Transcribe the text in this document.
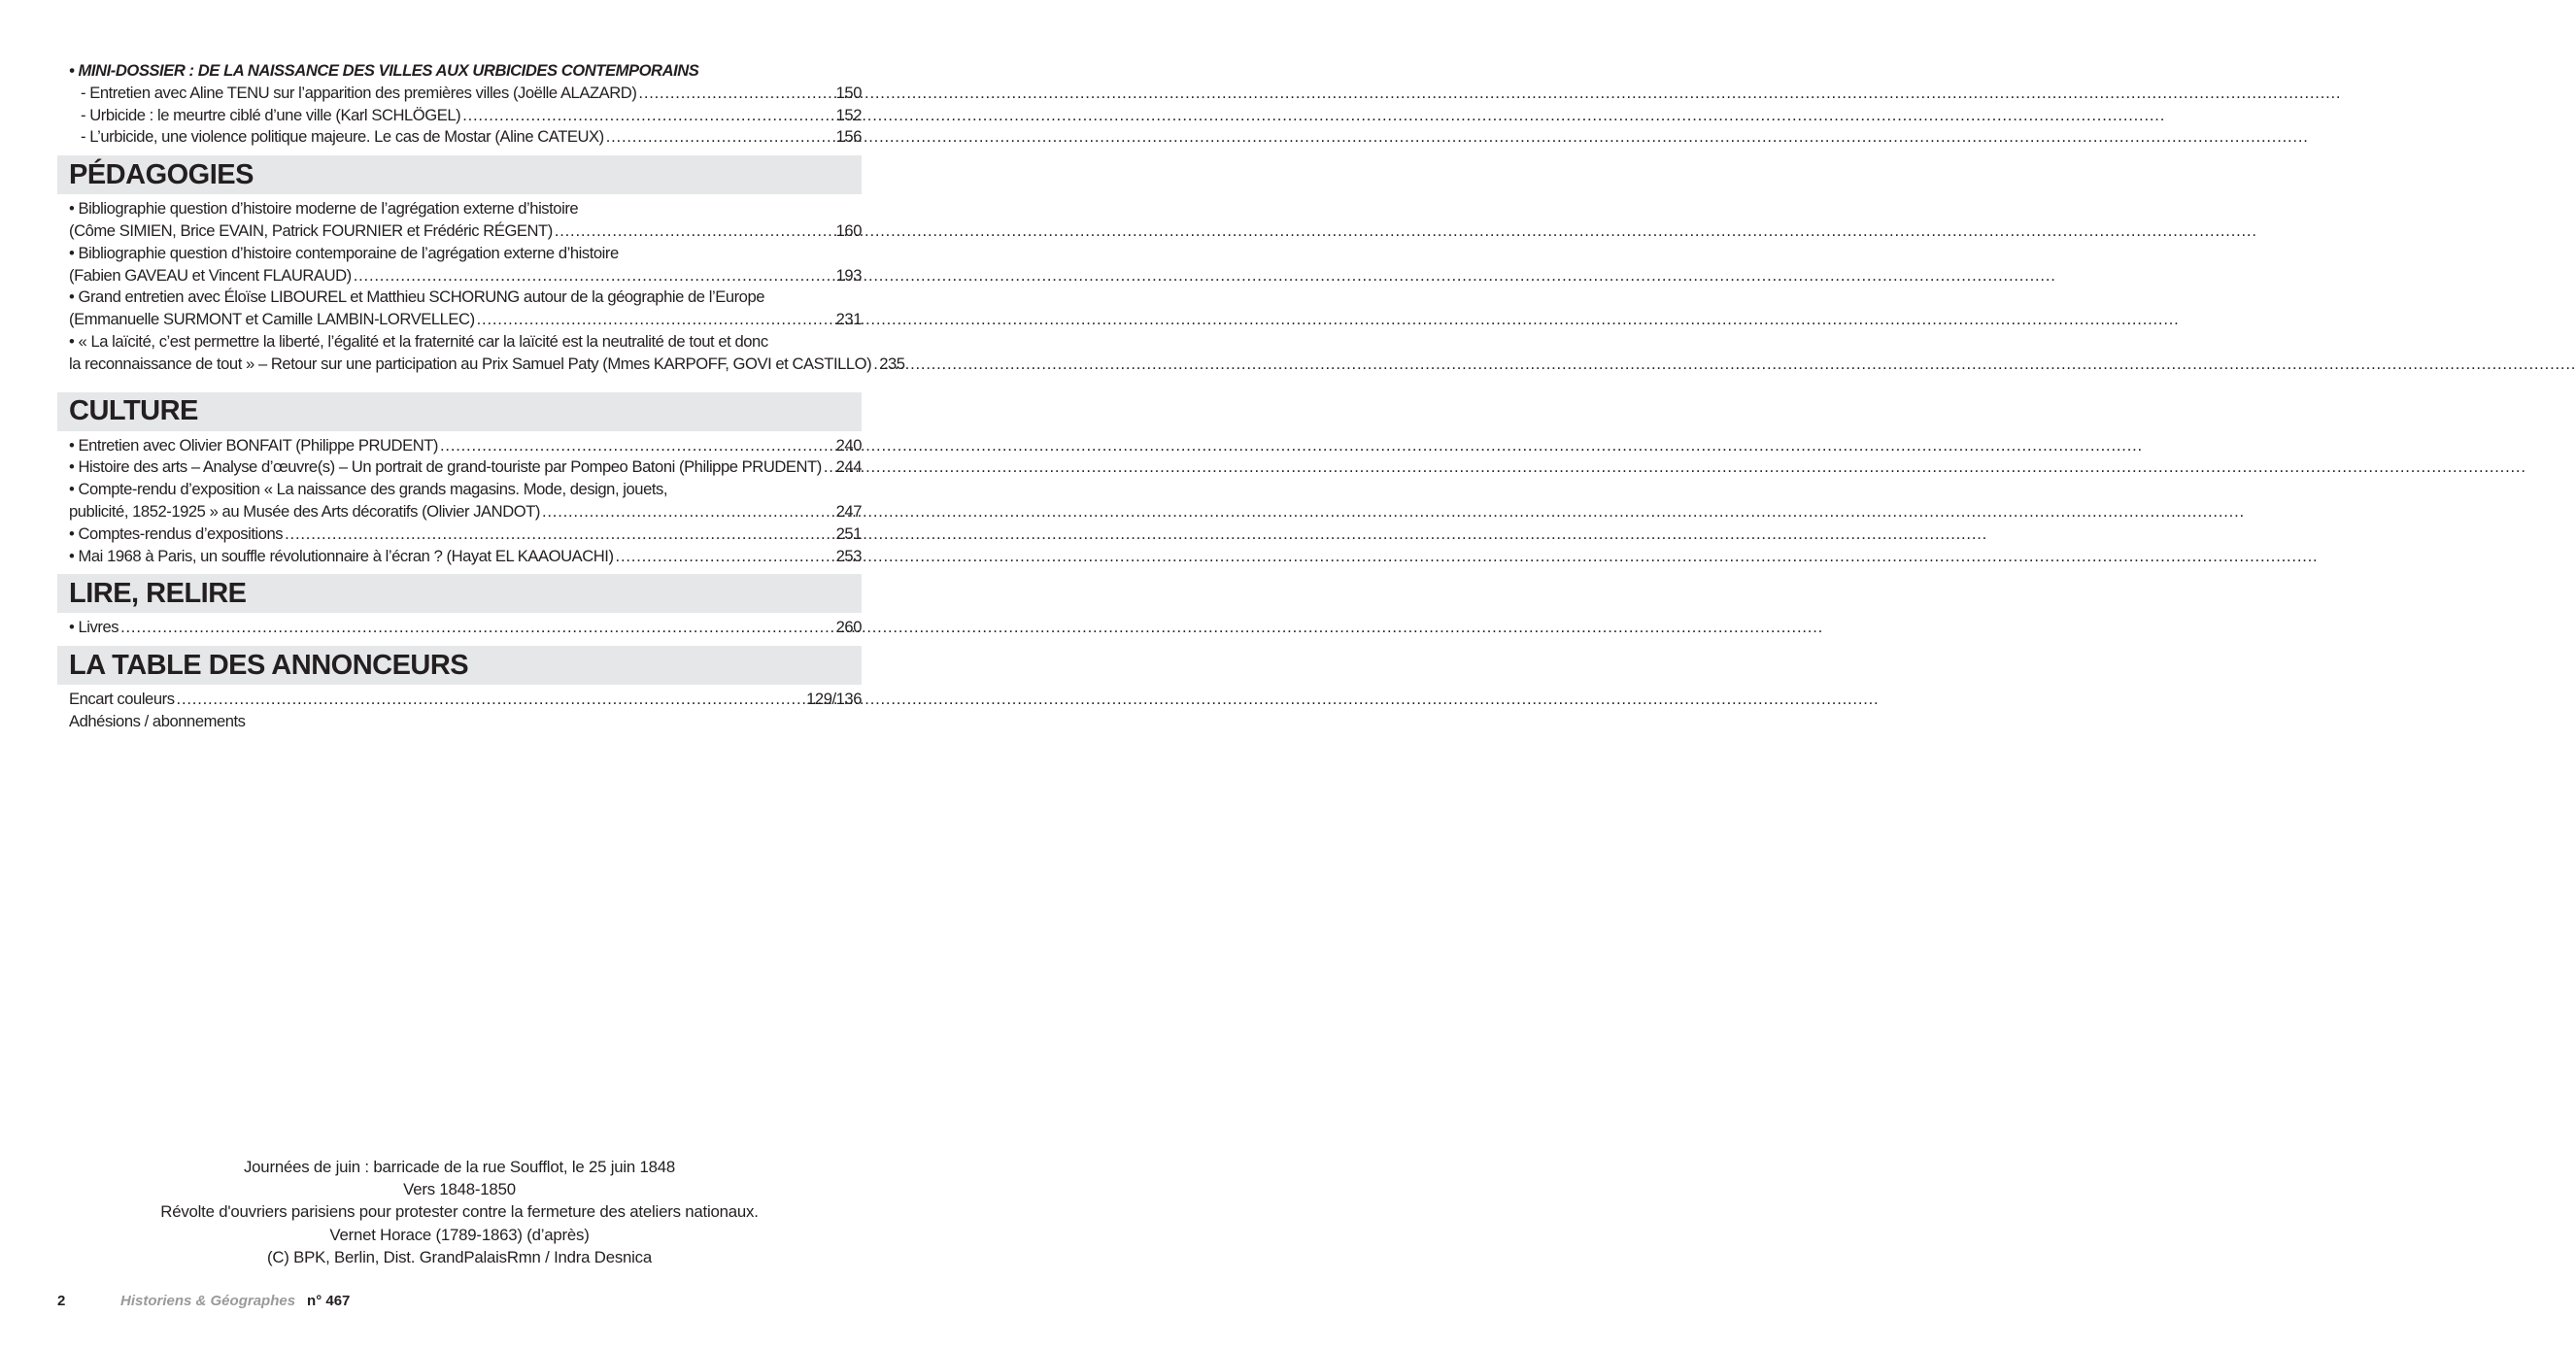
• MINI-DOSSIER : DE LA NAISSANCE DES VILLES AUX URBICIDES CONTEMPORAINS
- Entretien avec Aline TENU sur l’apparition des premières villes (Joëlle ALAZARD) .....	150
- Urbicide : le meurtre ciblé d’une ville (Karl SCHLÖGEL) .....	152
- L’urbicide, une violence politique majeure. Le cas de Mostar (Aline CATEUX) .....	156
PÉDAGOGIES
• Bibliographie question d’histoire moderne de l’agrégation externe d’histoire
(Côme SIMIEN, Brice EVAIN, Patrick FOURNIER et Frédéric RÉGENT) .....	160
• Bibliographie question d’histoire contemporaine de l’agrégation externe d’histoire
(Fabien GAVEAU et Vincent FLAURAUD) .....	193
• Grand entretien avec Éloïse LIBOUREL et Matthieu SCHORUNG autour de la géographie de l’Europe
(Emmanuelle SURMONT et Camille LAMBIN-LORVELLEC) .....	231
• « La laïcité, c’est permettre la liberté, l’égalité et la fraternité car la laïcité est la neutralité de tout et donc
la reconnaissance de tout » – Retour sur une participation au Prix Samuel Paty (Mmes KARPOFF, GOVI et CASTILLO) ..... 235
CULTURE
• Entretien avec Olivier BONFAIT (Philippe PRUDENT) .....	240
• Histoire des arts – Analyse d’œuvre(s) – Un portrait de grand-touriste par Pompeo Batoni (Philippe PRUDENT) ..... 244
• Compte-rendu d’exposition « La naissance des grands magasins. Mode, design, jouets,
publicité, 1852-1925 » au Musée des Arts décoratifs (Olivier JANDOT) .....	247
• Comptes-rendus d’expositions .....	251
• Mai 1968 à Paris, un souffle révolutionnaire à l’écran ? (Hayat EL KAAOUACHI) .....	253
LIRE, RELIRE
• Livres .....	260
LA TABLE DES ANNONCEURS
Encart couleurs .....	129/136
Adhésions / abonnements
Journées de juin : barricade de la rue Soufflot, le 25 juin 1848
Vers 1848-1850
Révolte d'ouvriers parisiens pour protester contre la fermeture des ateliers nationaux.
Vernet Horace (1789-1863) (d’après)
(C) BPK, Berlin, Dist. GrandPalaisRmn / Indra Desnica
2	Historiens & Géographes n° 467
